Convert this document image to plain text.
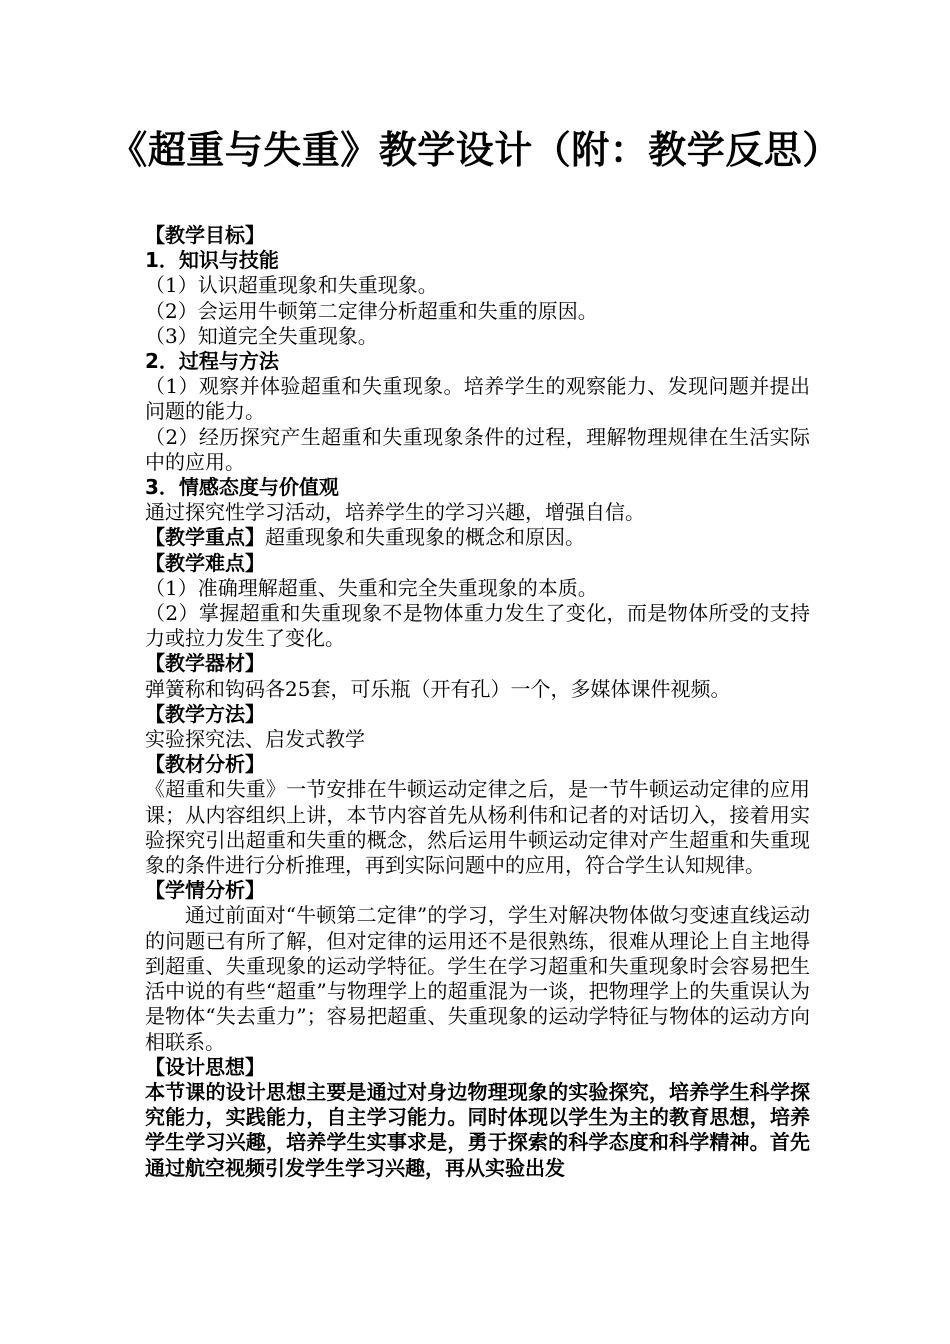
《超重与失重》教学设计（附：教学反思）

【教学目标】

1．知识与技能

（1）认识超重现象和失重现象。

（2）会运用牛顿第二定律分析超重和失重的原因。

（3）知道完全失重现象。

2．过程与方法

（1）观察并体验超重和失重现象。培养学生的观察能力、发现问题并提出问题的能力。

（2）经历探究产生超重和失重现象条件的过程，理解物理规律在生活实际中的应用。

3．情感态度与价值观

通过探究性学习活动，培养学生的学习兴趣，增强自信。

【教学重点】超重现象和失重现象的概念和原因。

【教学难点】

（1）准确理解超重、失重和完全失重现象的本质。

（2）掌握超重和失重现象不是物体重力发生了变化，而是物体所受的支持力或拉力发生了变化。

【教学器材】

弹簧称和钩码各25套，可乐瓶（开有孔）一个，多媒体课件视频。

【教学方法】

实验探究法、启发式教学

【教材分析】

《超重和失重》一节安排在牛顿运动定律之后，是一节牛顿运动定律的应用课；从内容组织上讲，本节内容首先从杨利伟和记者的对话切入，接着用实验探究引出超重和失重的概念，然后运用牛顿运动定律对产生超重和失重现象的条件进行分析推理，再到实际问题中的应用，符合学生认知规律。

【学情分析】

通过前面对“牛顿第二定律”的学习，学生对解决物体做匀变速直线运动的问题已有所了解，但对定律的运用还不是很熟练，很难从理论上自主地得到超重、失重现象的运动学特征。学生在学习超重和失重现象时会容易把生活中说的有些“超重”与物理学上的超重混为一谈，把物理学上的失重误认为是物体“失去重力”；容易把超重、失重现象的运动学特征与物体的运动方向相联系。

【设计思想】

本节课的设计思想主要是通过对身边物理现象的实验探究，培养学生科学探究能力，实践能力，自主学习能力。同时体现以学生为主的教育思想，培养学生学习兴趣，培养学生实事求是，勇于探索的科学态度和科学精神。首先通过航空视频引发学生学习兴趣，再从实验出发
